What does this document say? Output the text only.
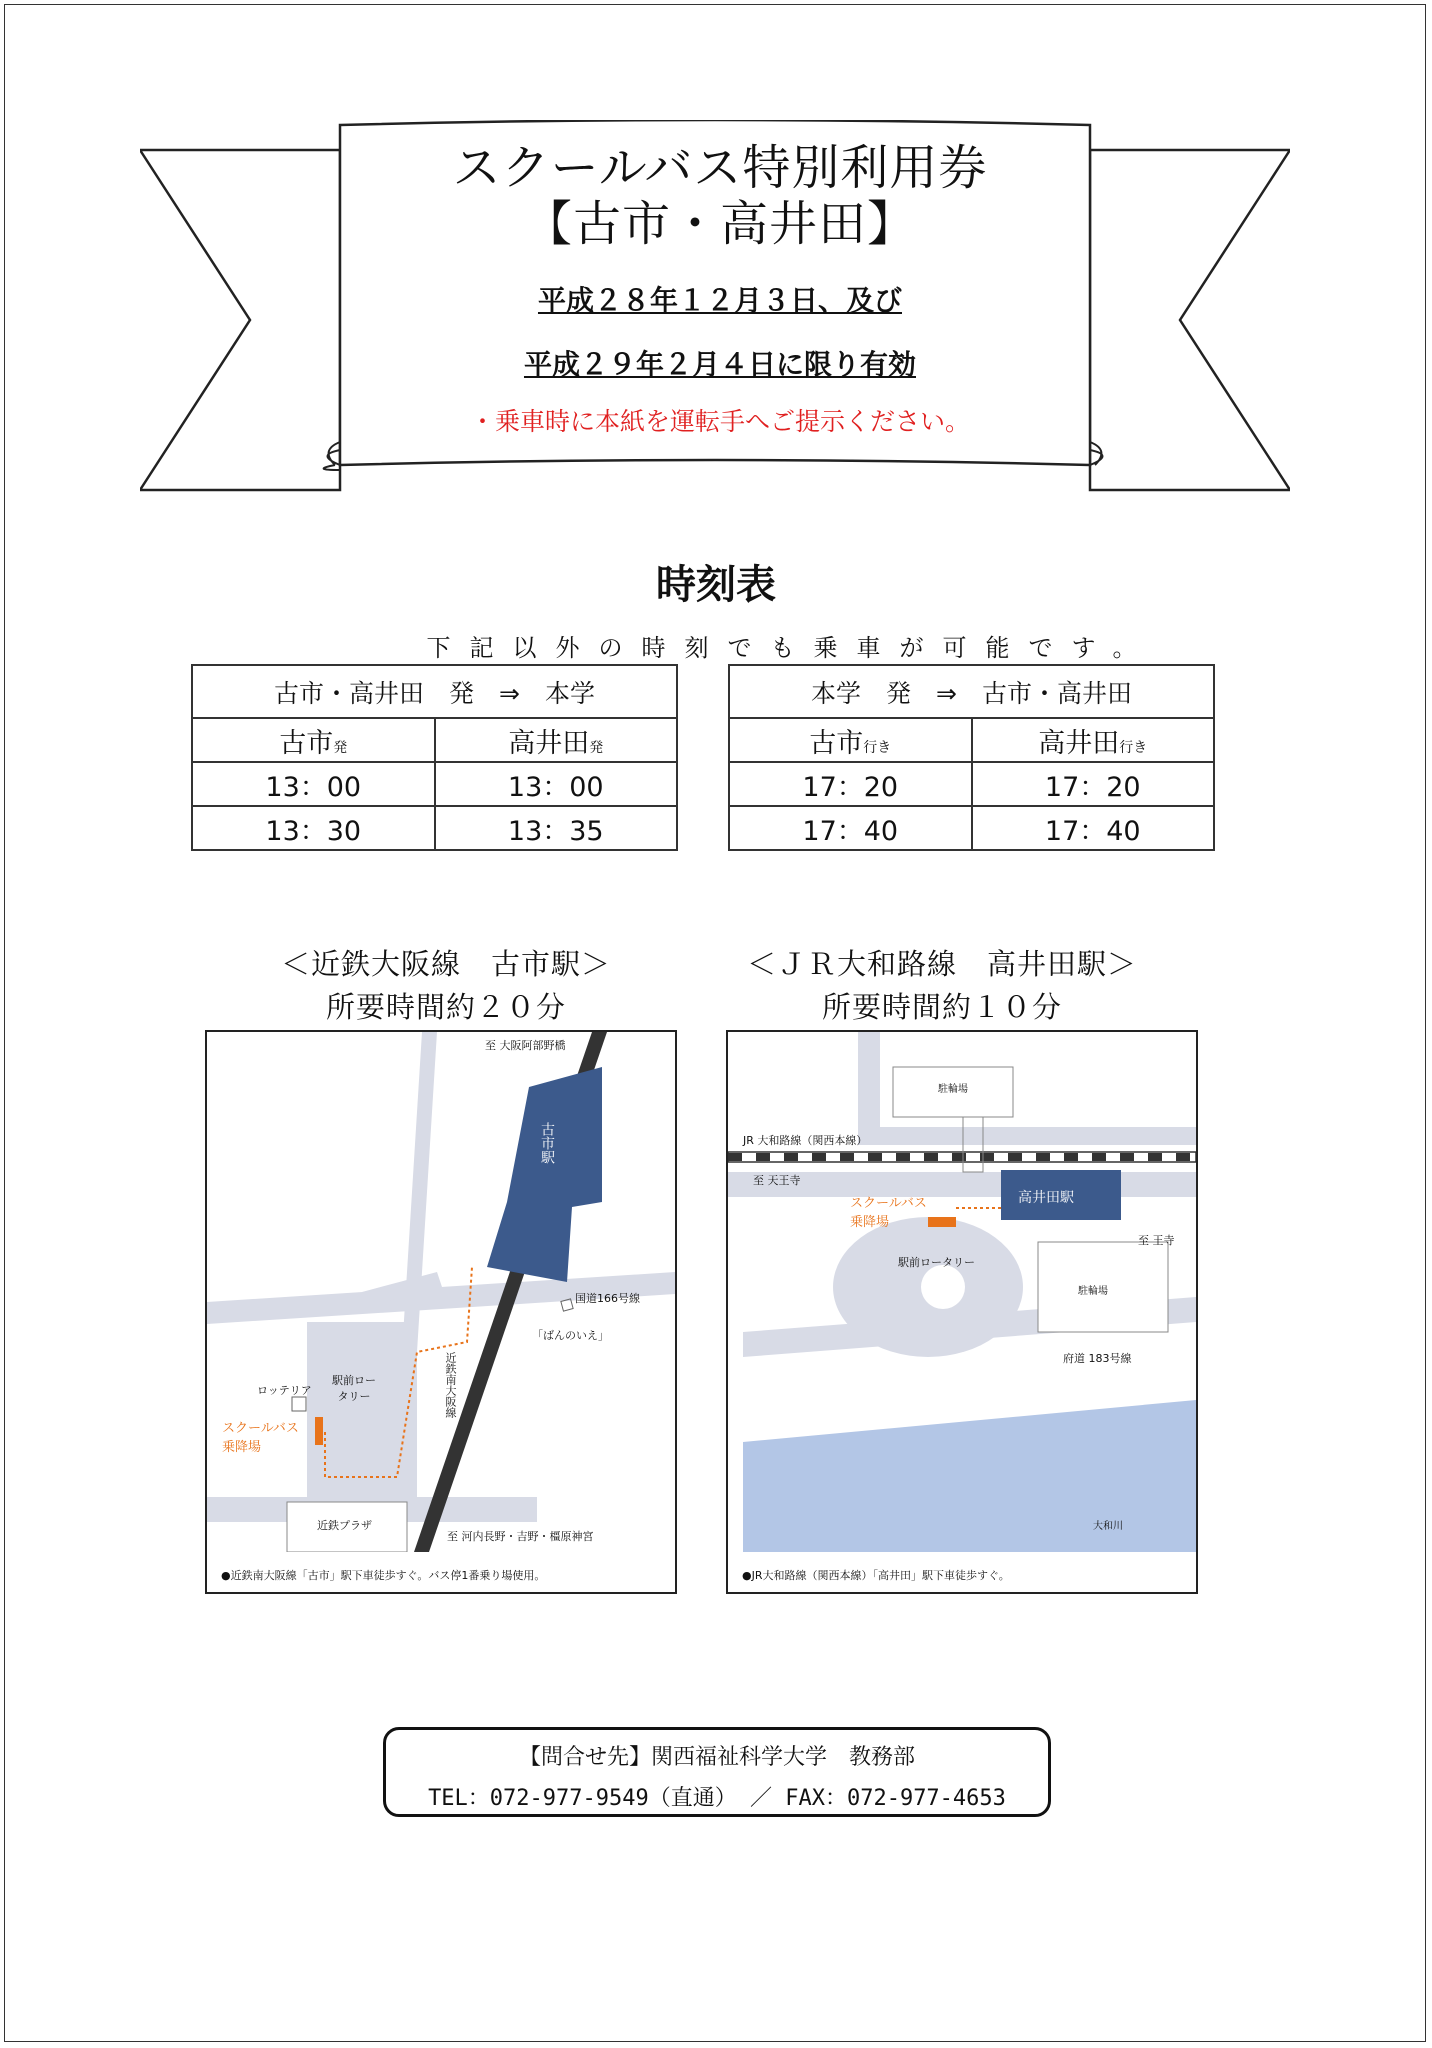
スクールバス特別利用券
【古市・高井田】
平成２８年１２月３日、及び
平成２９年２月４日に限り有効
・乗車時に本紙を運転手へご提示ください。
時刻表
下記以外の時刻でも乗車が可能です。
古市・高井田　発　⇒　本学	
古市発	高井田発
13：00	13：00
13：30	13：35
本学　発　⇒　古市・高井田	
古市行き	高井田行き
17：20	17：20
17：40	17：40
＜近鉄大阪線　古市駅＞
所要時間約２０分
＜ＪＲ大和路線　高井田駅＞
所要時間約１０分
至 大阪阿部野橋
古市駅
国道166号線
「ばんのいえ」
駅前ロータリー
ロッテリア
スクールバス乗降場
近鉄南大阪線
近鉄プラザ
至 河内長野・吉野・橿原神宮
●近鉄南大阪線「古市」駅下車徒歩すぐ。バス停1番乗り場使用。
駐輪場
JR 大和路線（関西本線）
至 天王寺
スクールバス乗降場
高井田駅
至 王寺
駅前ロータリー
駐輪場
府道 183号線
大和川
●JR大和路線（関西本線）「高井田」駅下車徒歩すぐ。
【問合せ先】関西福祉科学大学　教務部
TEL：072-977-9549（直通） ／ FAX：072-977-4653
